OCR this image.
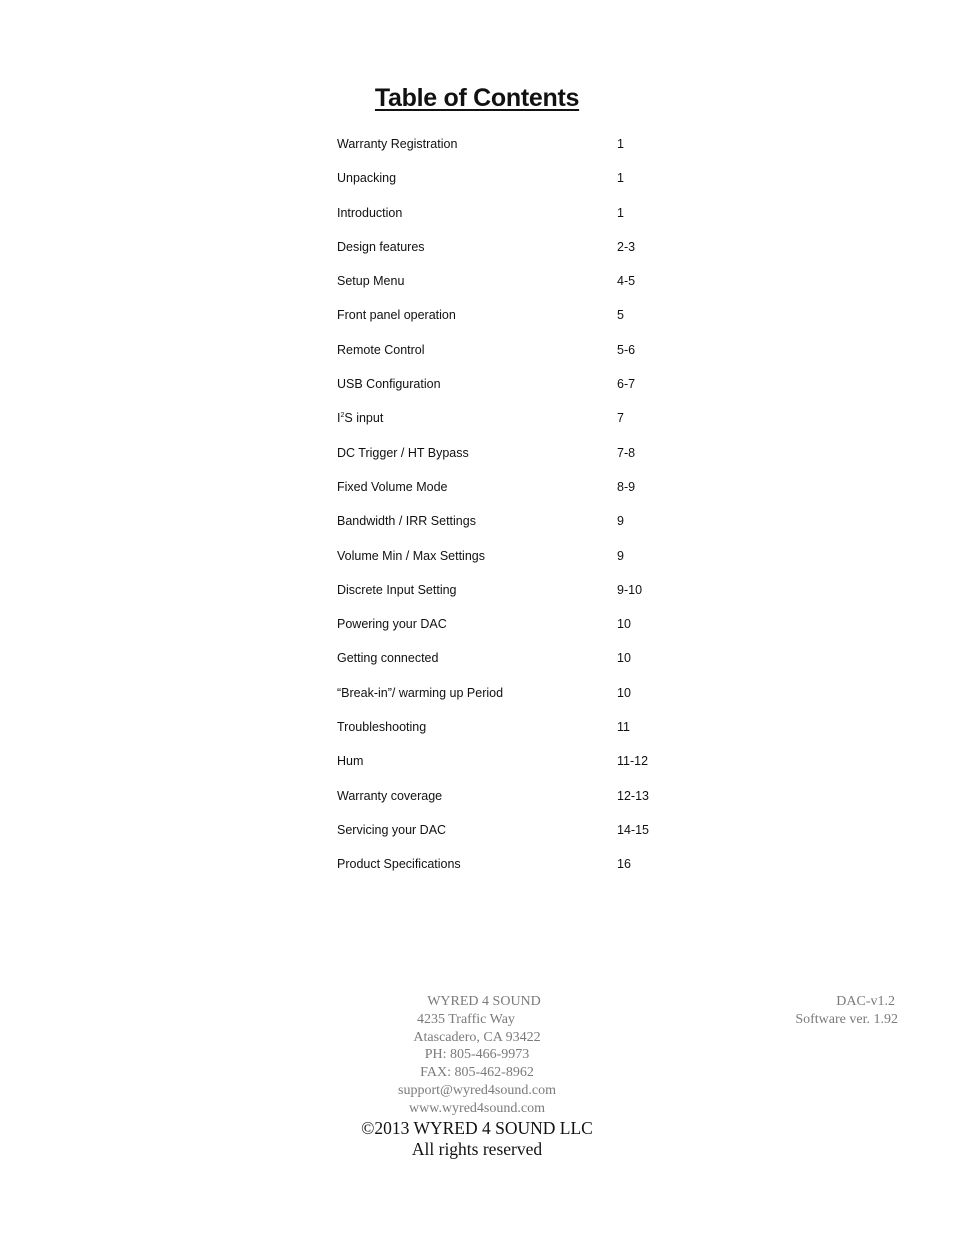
Table of Contents
Warranty Registration	1
Unpacking	1
Introduction	1
Design features	2-3
Setup Menu	4-5
Front panel operation	5
Remote Control	5-6
USB Configuration	6-7
$I^2S$ input	7
DC Trigger / HT Bypass	7-8
Fixed Volume Mode	8-9
Bandwidth / IRR Settings	9
Volume Min / Max Settings	9
Discrete Input Setting	9-10
Powering your DAC	10
Getting connected	10
“Break-in”/ warming up Period	10
Troubleshooting	11
Hum	11-12
Warranty coverage	12-13
Servicing your DAC	14-15
Product Specifications	16
WYRED 4 SOUND
4235 Traffic Way
Atascadero, CA 93422
PH: 805-466-9973
FAX: 805-462-8962
support@wyred4sound.com
www.wyred4sound.com
©2013 WYRED 4 SOUND LLC
All rights reserved
DAC-v1.2
Software ver. 1.92
